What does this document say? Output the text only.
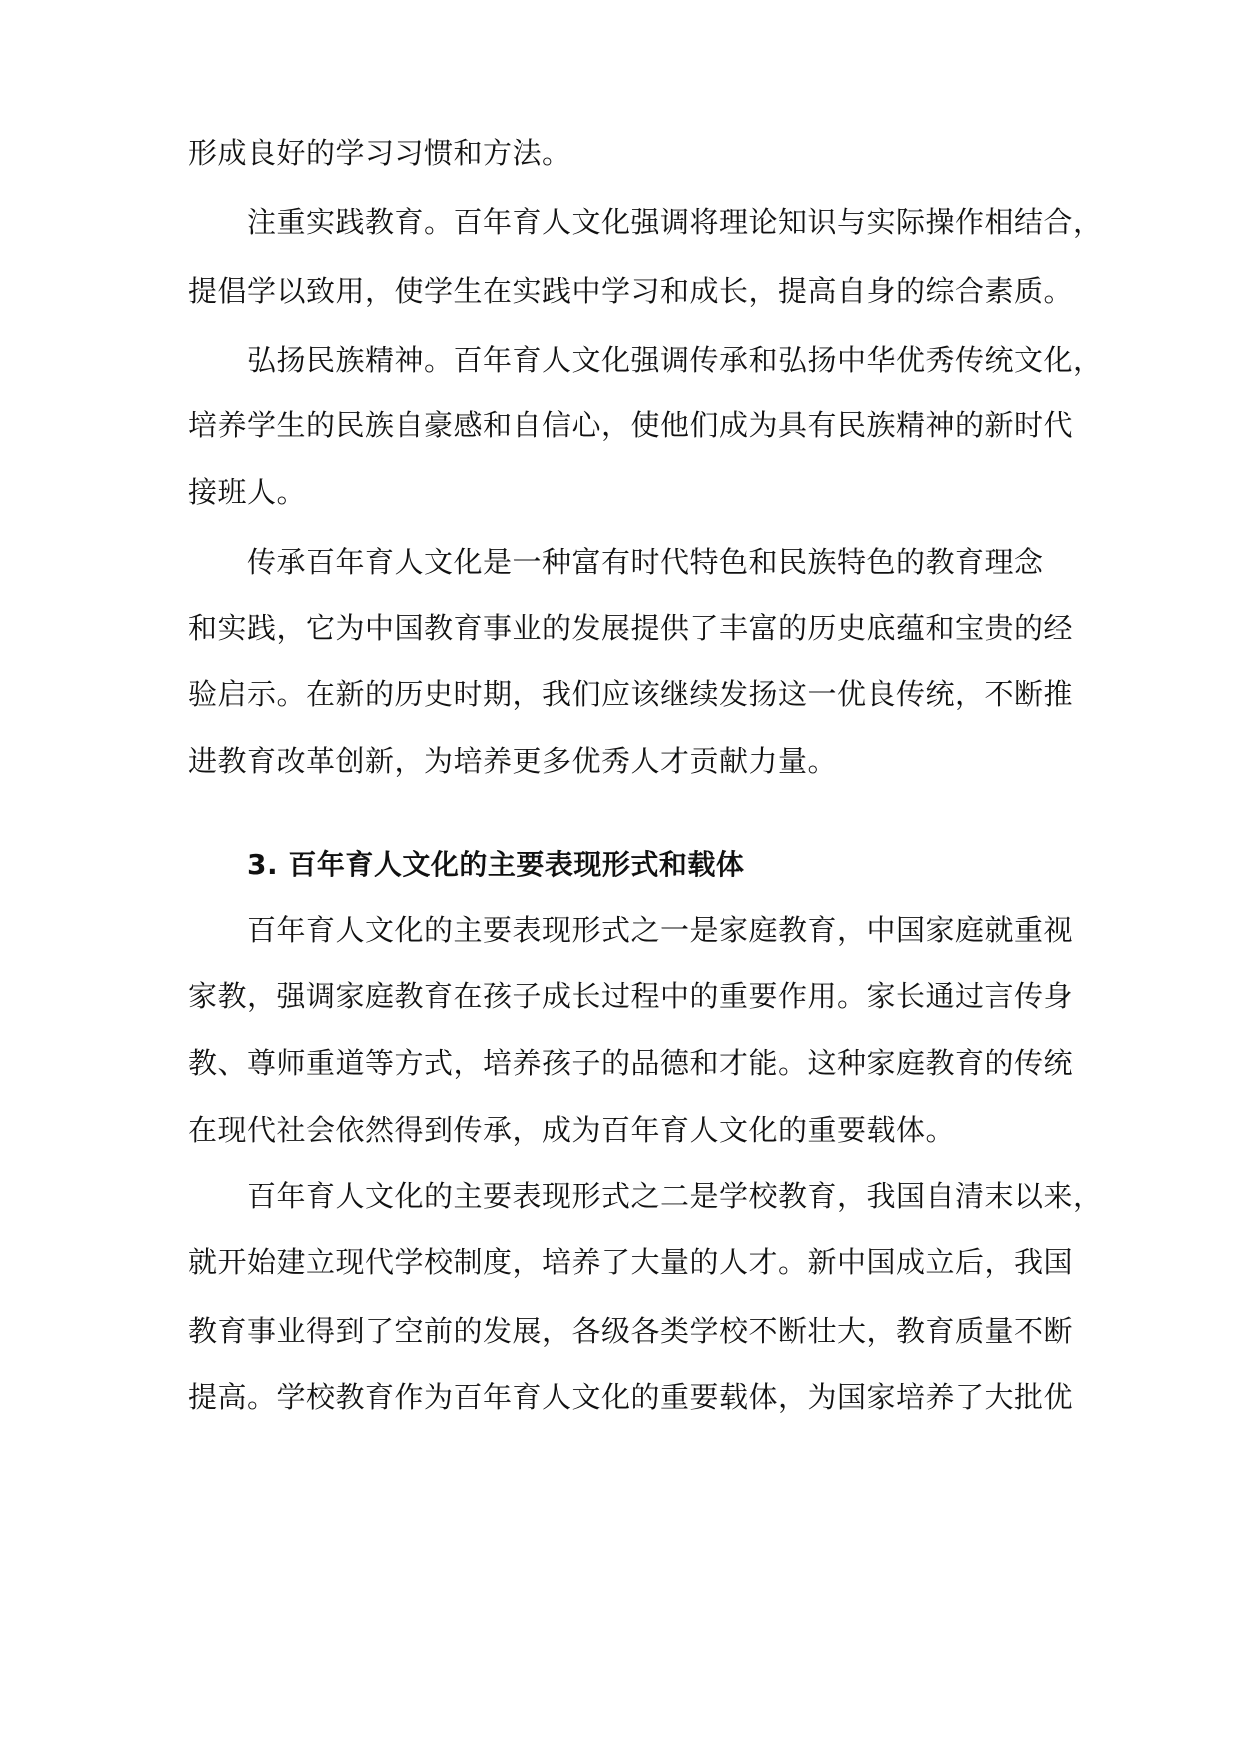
形成良好的学习习惯和方法。
注重实践教育。百年育人文化强调将理论知识与实际操作相结合，
提倡学以致用，使学生在实践中学习和成长，提高自身的综合素质。
弘扬民族精神。百年育人文化强调传承和弘扬中华优秀传统文化，
培养学生的民族自豪感和自信心，使他们成为具有民族精神的新时代
接班人。
传承百年育人文化是一种富有时代特色和民族特色的教育理念
和实践，它为中国教育事业的发展提供了丰富的历史底蕴和宝贵的经
验启示。在新的历史时期，我们应该继续发扬这一优良传统，不断推
进教育改革创新，为培养更多优秀人才贡献力量。
3. 百年育人文化的主要表现形式和载体
百年育人文化的主要表现形式之一是家庭教育，中国家庭就重视
家教，强调家庭教育在孩子成长过程中的重要作用。家长通过言传身
教、尊师重道等方式，培养孩子的品德和才能。这种家庭教育的传统
在现代社会依然得到传承，成为百年育人文化的重要载体。
百年育人文化的主要表现形式之二是学校教育，我国自清末以来，
就开始建立现代学校制度，培养了大量的人才。新中国成立后，我国
教育事业得到了空前的发展，各级各类学校不断壮大，教育质量不断
提高。学校教育作为百年育人文化的重要载体，为国家培养了大批优
